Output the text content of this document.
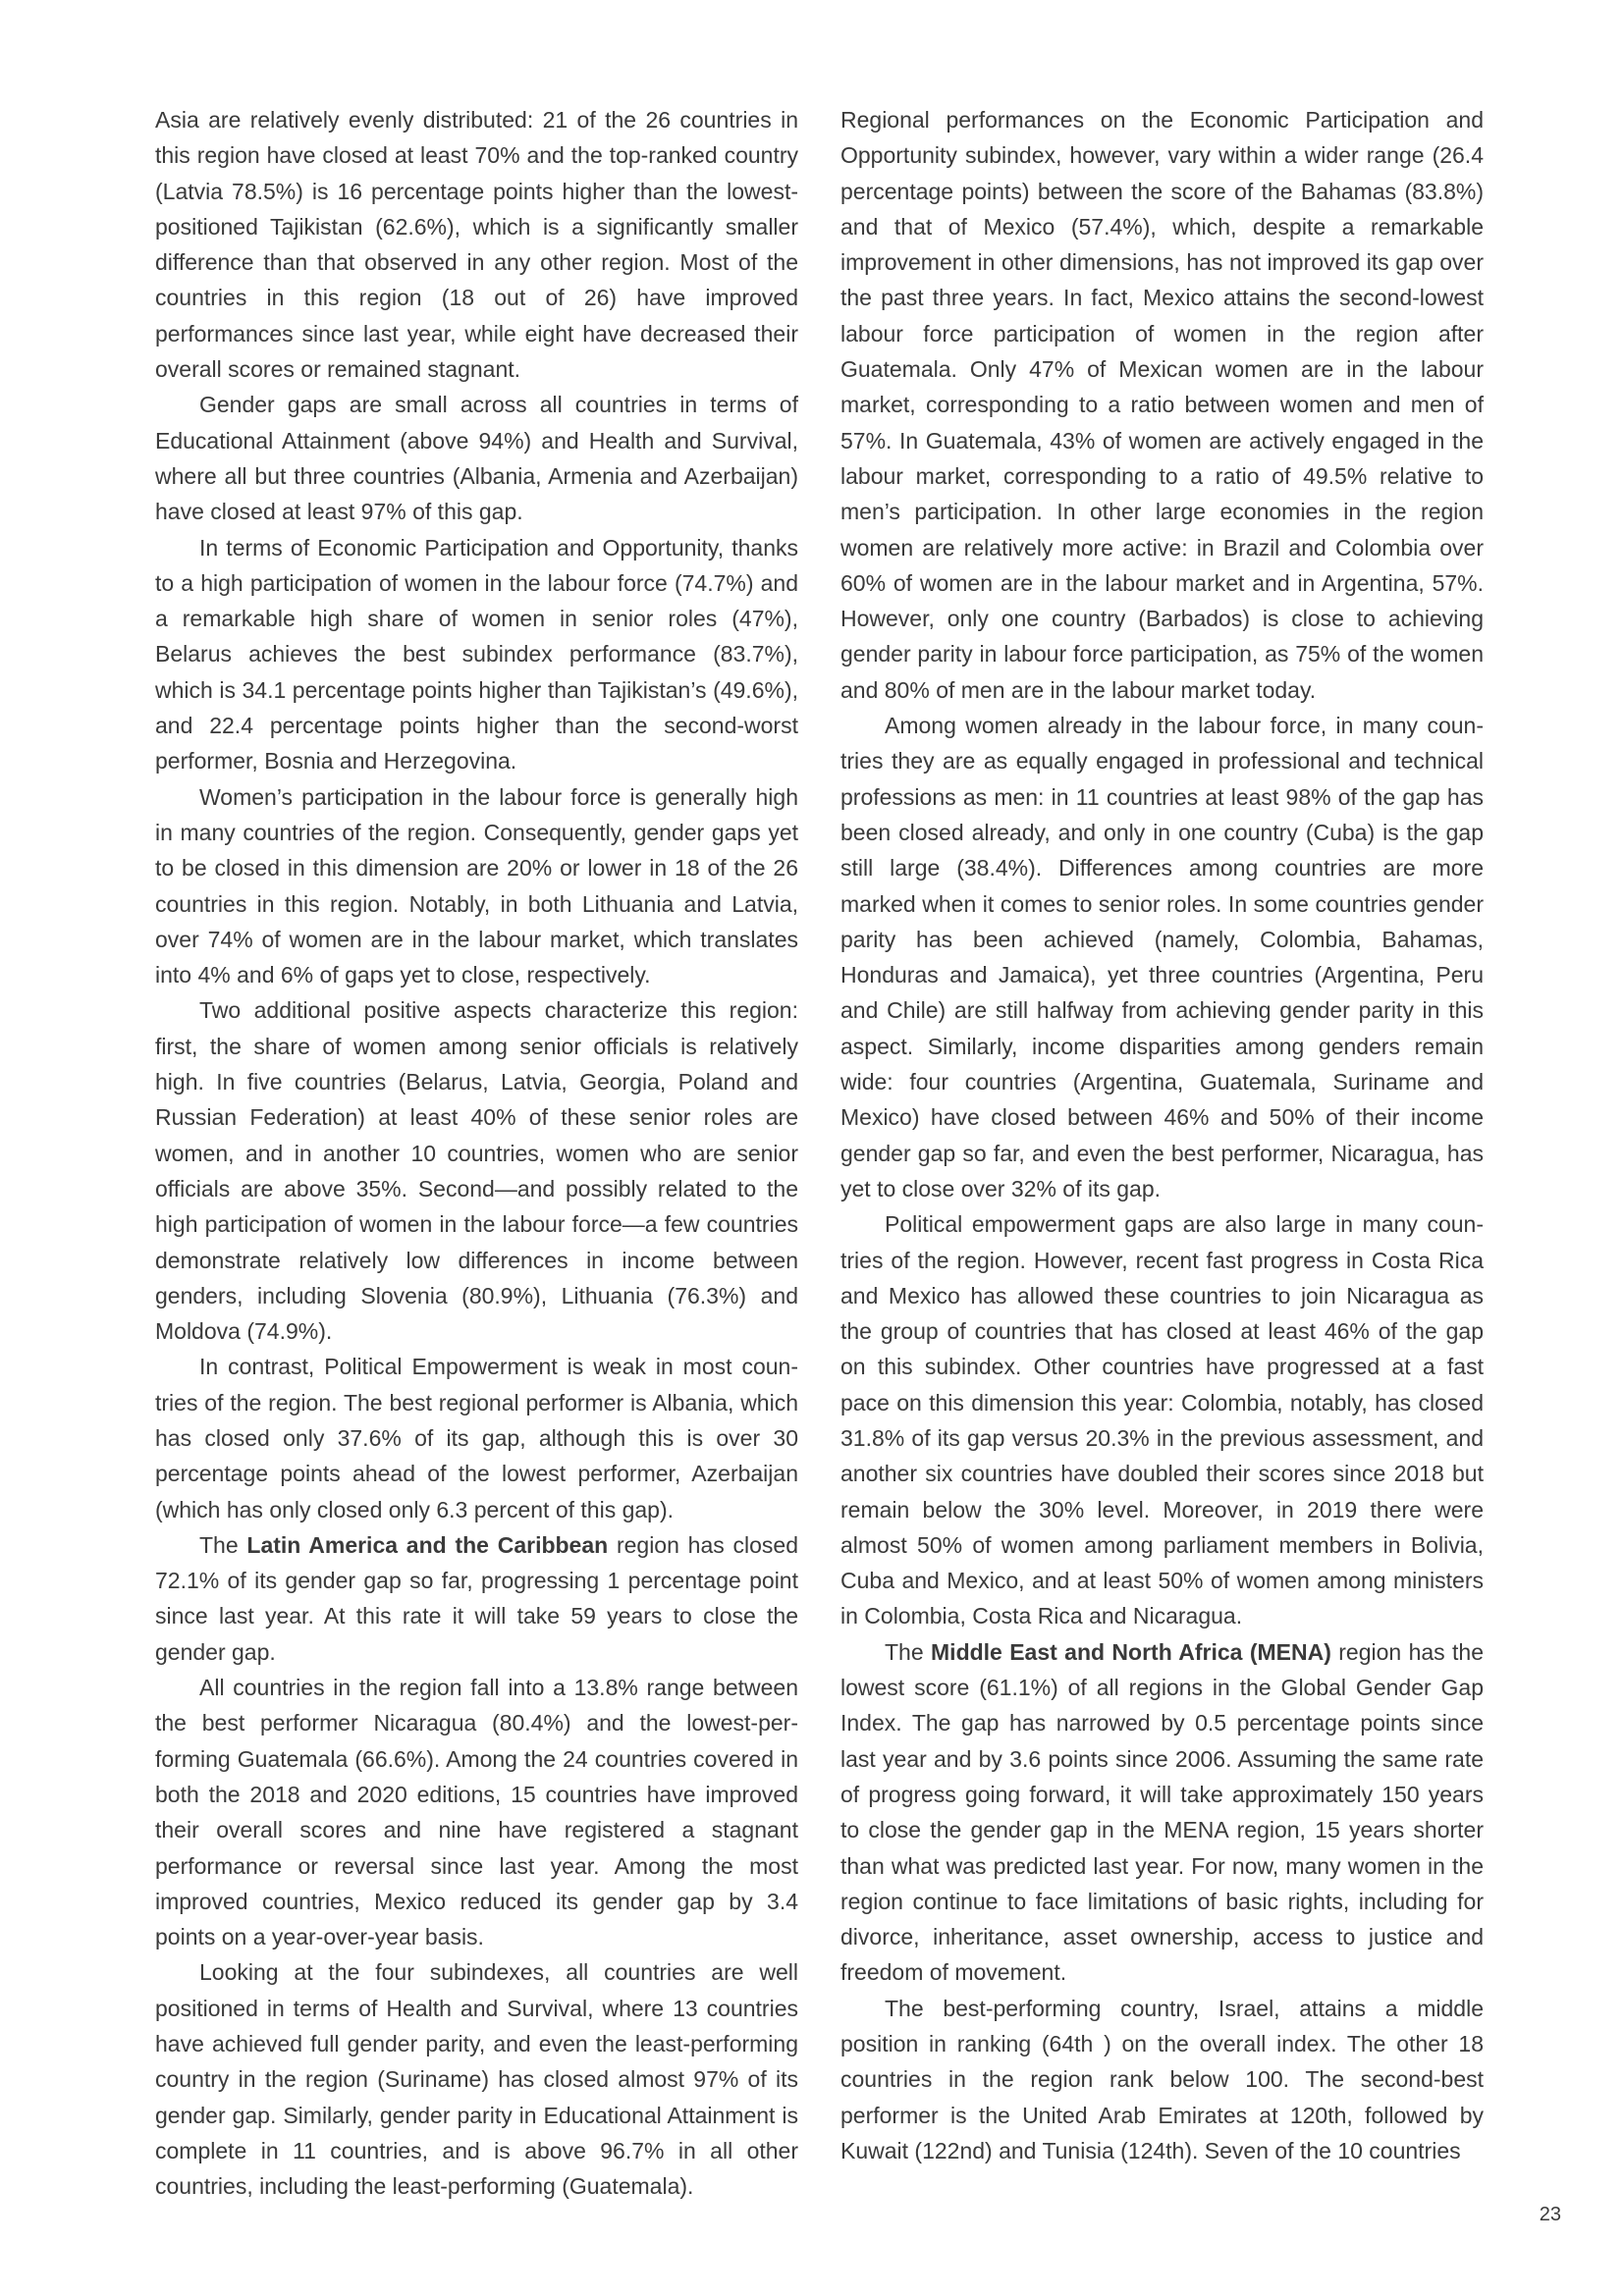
Asia are relatively evenly distributed: 21 of the 26 countries in this region have closed at least 70% and the top-ranked country (Latvia 78.5%) is 16 percentage points higher than the lowest-positioned Tajikistan (62.6%), which is a significantly smaller difference than that observed in any other region. Most of the countries in this region (18 out of 26) have improved performances since last year, while eight have decreased their overall scores or remained stagnant.

Gender gaps are small across all countries in terms of Educational Attainment (above 94%) and Health and Survival, where all but three countries (Albania, Armenia and Azerbaijan) have closed at least 97% of this gap.

In terms of Economic Participation and Opportunity, thanks to a high participation of women in the labour force (74.7%) and a remarkable high share of women in senior roles (47%), Belarus achieves the best subindex performance (83.7%), which is 34.1 percentage points higher than Tajikistan’s (49.6%), and 22.4 percentage points higher than the second-worst performer, Bosnia and Herzegovina.

Women’s participation in the labour force is generally high in many countries of the region. Consequently, gender gaps yet to be closed in this dimension are 20% or lower in 18 of the 26 countries in this region. Notably, in both Lithuania and Latvia, over 74% of women are in the labour market, which translates into 4% and 6% of gaps yet to close, respectively.

Two additional positive aspects characterize this region: first, the share of women among senior officials is relatively high. In five countries (Belarus, Latvia, Georgia, Poland and Russian Federation) at least 40% of these senior roles are women, and in another 10 countries, women who are senior officials are above 35%. Second—and possibly related to the high participation of women in the labour force—a few countries demonstrate relatively low differences in income between genders, including Slovenia (80.9%), Lithuania (76.3%) and Moldova (74.9%).

In contrast, Political Empowerment is weak in most countries of the region. The best regional performer is Albania, which has closed only 37.6% of its gap, although this is over 30 percentage points ahead of the lowest performer, Azerbaijan (which has only closed only 6.3 percent of this gap).

The Latin America and the Caribbean region has closed 72.1% of its gender gap so far, progressing 1 percentage point since last year. At this rate it will take 59 years to close the gender gap.

All countries in the region fall into a 13.8% range between the best performer Nicaragua (80.4%) and the lowest-performing Guatemala (66.6%). Among the 24 countries covered in both the 2018 and 2020 editions, 15 countries have improved their overall scores and nine have registered a stagnant performance or reversal since last year. Among the most improved countries, Mexico reduced its gender gap by 3.4 points on a year-over-year basis.

Looking at the four subindexes, all countries are well positioned in terms of Health and Survival, where 13 countries have achieved full gender parity, and even the least-performing country in the region (Suriname) has closed almost 97% of its gender gap. Similarly, gender parity in Educational Attainment is complete in 11 countries, and is above 96.7% in all other countries, including the least-performing (Guatemala).

Regional performances on the Economic Participation and Opportunity subindex, however, vary within a wider range (26.4 percentage points) between the score of the Bahamas (83.8%) and that of Mexico (57.4%), which, despite a remarkable improvement in other dimensions, has not improved its gap over the past three years. In fact, Mexico attains the second-lowest labour force participation of women in the region after Guatemala. Only 47% of Mexican women are in the labour market, corresponding to a ratio between women and men of 57%. In Guatemala, 43% of women are actively engaged in the labour market, corresponding to a ratio of 49.5% relative to men’s participation. In other large economies in the region women are relatively more active: in Brazil and Colombia over 60% of women are in the labour market and in Argentina, 57%. However, only one country (Barbados) is close to achieving gender parity in labour force participation, as 75% of the women and 80% of men are in the labour market today.

Among women already in the labour force, in many countries they are as equally engaged in professional and technical professions as men: in 11 countries at least 98% of the gap has been closed already, and only in one country (Cuba) is the gap still large (38.4%). Differences among countries are more marked when it comes to senior roles. In some countries gender parity has been achieved (namely, Colombia, Bahamas, Honduras and Jamaica), yet three countries (Argentina, Peru and Chile) are still halfway from achieving gender parity in this aspect. Similarly, income disparities among genders remain wide: four countries (Argentina, Guatemala, Suriname and Mexico) have closed between 46% and 50% of their income gender gap so far, and even the best performer, Nicaragua, has yet to close over 32% of its gap.

Political empowerment gaps are also large in many countries of the region. However, recent fast progress in Costa Rica and Mexico has allowed these countries to join Nicaragua as the group of countries that has closed at least 46% of the gap on this subindex. Other countries have progressed at a fast pace on this dimension this year: Colombia, notably, has closed 31.8% of its gap versus 20.3% in the previous assessment, and another six countries have doubled their scores since 2018 but remain below the 30% level. Moreover, in 2019 there were almost 50% of women among parliament members in Bolivia, Cuba and Mexico, and at least 50% of women among ministers in Colombia, Costa Rica and Nicaragua.

The Middle East and North Africa (MENA) region has the lowest score (61.1%) of all regions in the Global Gender Gap Index. The gap has narrowed by 0.5 percentage points since last year and by 3.6 points since 2006. Assuming the same rate of progress going forward, it will take approximately 150 years to close the gender gap in the MENA region, 15 years shorter than what was predicted last year. For now, many women in the region continue to face limitations of basic rights, including for divorce, inheritance, asset ownership, access to justice and freedom of movement.

The best-performing country, Israel, attains a middle position in ranking (64th ) on the overall index. The other 18 countries in the region rank below 100. The second-best performer is the United Arab Emirates at 120th, followed by Kuwait (122nd) and Tunisia (124th). Seven of the 10 countries

23
